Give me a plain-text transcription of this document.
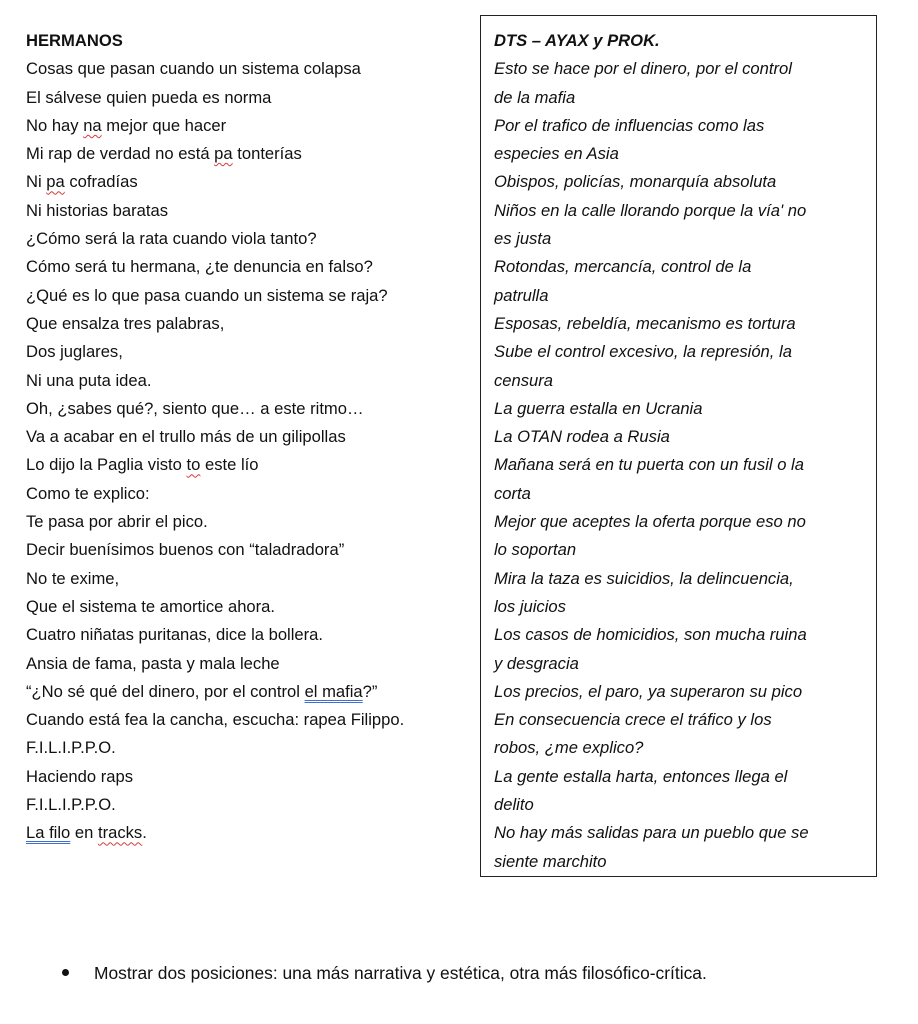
HERMANOS
Cosas que pasan cuando un sistema colapsa
El sálvese quien pueda es norma
No hay na mejor que hacer
Mi rap de verdad no está pa tonterías
Ni pa cofradías
Ni historias baratas
¿Cómo será la rata cuando viola tanto?
Cómo será tu hermana, ¿te denuncia en falso?
¿Qué es lo que pasa cuando un sistema se raja?
Que ensalza tres palabras,
Dos juglares,
Ni una puta idea.
Oh, ¿sabes qué?, siento que… a este ritmo…
Va a acabar en el trullo más de un gilipollas
Lo dijo la Paglia visto to este lío
Como te explico:
Te pasa por abrir el pico.
Decir buenísimos buenos con “taladradora”
No te exime,
Que el sistema te amortice ahora.
Cuatro niñatas puritanas, dice la bollera.
Ansia de fama, pasta y mala leche
“¿No sé qué del dinero, por el control el mafia?”
Cuando está fea la cancha, escucha: rapea Filippo.
F.I.L.I.P.P.O.
Haciendo raps
F.I.L.I.P.P.O.
La filo en tracks.
DTS – AYAX y PROK.
Esto se hace por el dinero, por el control
de la mafia
Por el trafico de influencias como las
especies en Asia
Obispos, policías, monarquía absoluta
Niños en la calle llorando porque la vía' no
es justa
Rotondas, mercancía, control de la
patrulla
Esposas, rebeldía, mecanismo es tortura
Sube el control excesivo, la represión, la
censura
La guerra estalla en Ucrania
La OTAN rodea a Rusia
Mañana será en tu puerta con un fusil o la
corta
Mejor que aceptes la oferta porque eso no
lo soportan
Mira la taza es suicidios, la delincuencia,
los juicios
Los casos de homicidios, son mucha ruina
y desgracia
Los precios, el paro, ya superaron su pico
En consecuencia crece el tráfico y los
robos, ¿me explico?
La gente estalla harta, entonces llega el
delito
No hay más salidas para un pueblo que se
siente marchito
Mostrar dos posiciones: una más narrativa y estética, otra más filosófico-crítica.
